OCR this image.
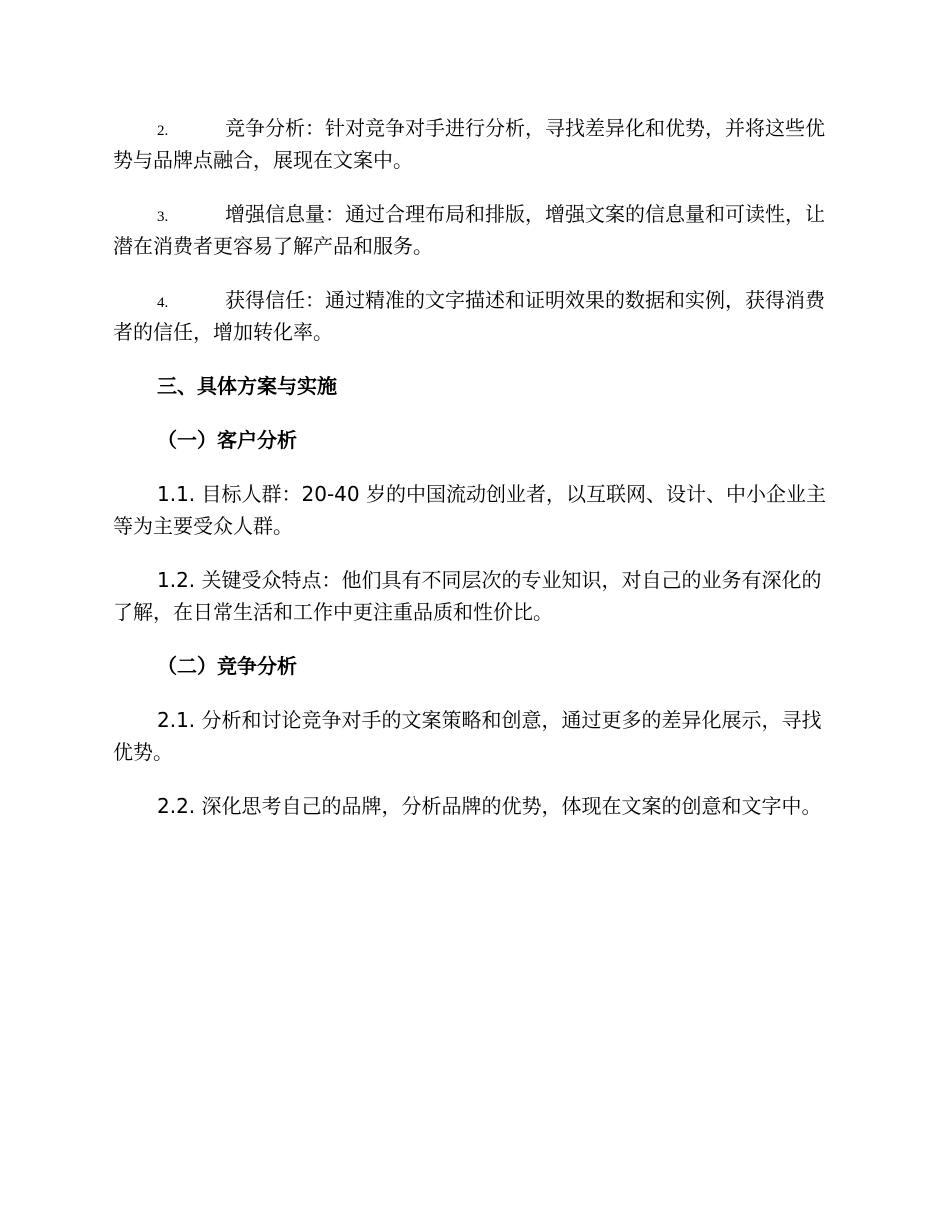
2.	竞争分析：针对竞争对手进行分析，寻找差异化和优势，并将这些优势与品牌点融合，展现在文案中。

3.	增强信息量：通过合理布局和排版，增强文案的信息量和可读性，让潜在消费者更容易了解产品和服务。

4.	获得信任：通过精准的文字描述和证明效果的数据和实例，获得消费者的信任，增加转化率。

三、具体方案与实施

（一）客户分析

1.1. 目标人群：20-40 岁的中国流动创业者，以互联网、设计、中小企业主等为主要受众人群。

1.2. 关键受众特点：他们具有不同层次的专业知识，对自己的业务有深化的了解，在日常生活和工作中更注重品质和性价比。

（二）竞争分析

2.1. 分析和讨论竞争对手的文案策略和创意，通过更多的差异化展示，寻找优势。

2.2. 深化思考自己的品牌，分析品牌的优势，体现在文案的创意和文字中。
